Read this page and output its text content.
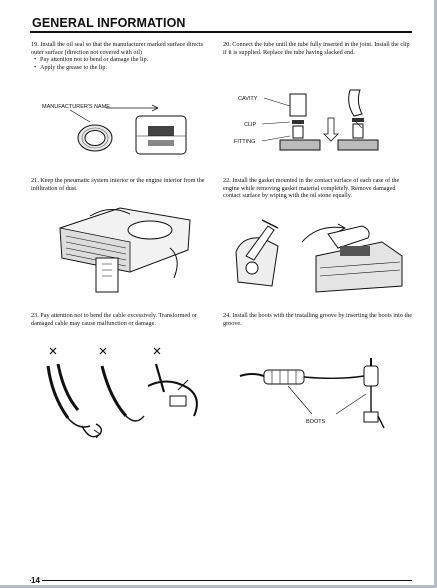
GENERAL INFORMATION

19. Install the oil seal so that the manufacturer marked surface directs outer surface (direction not covered with oil)

• Pay attention not to bend or damage the lip.
• Apply the grease to the lip.
MANUFACTURER'S NAME

20. Connect the tube until the tube fully inserted in the joint. Install the clip if it is supplied. Replace the tube having slacked end.

CAVITY
CLIP
FITTING

21. Keep the pneumatic system interior or the engine interior from the infiltration of dust.

22. Install the gasket mounted in the contact surface of each case of the engine while removing gasket material completely. Remove damaged contact surface by wiping with the oil stone equally.

23. Pay attention not to bend the cable excessively. Transformed or damaged cable may cause malfunction or damage.

24. Install the boots with the installing groove by inserting the boots into the groove.

BOOTS
14
